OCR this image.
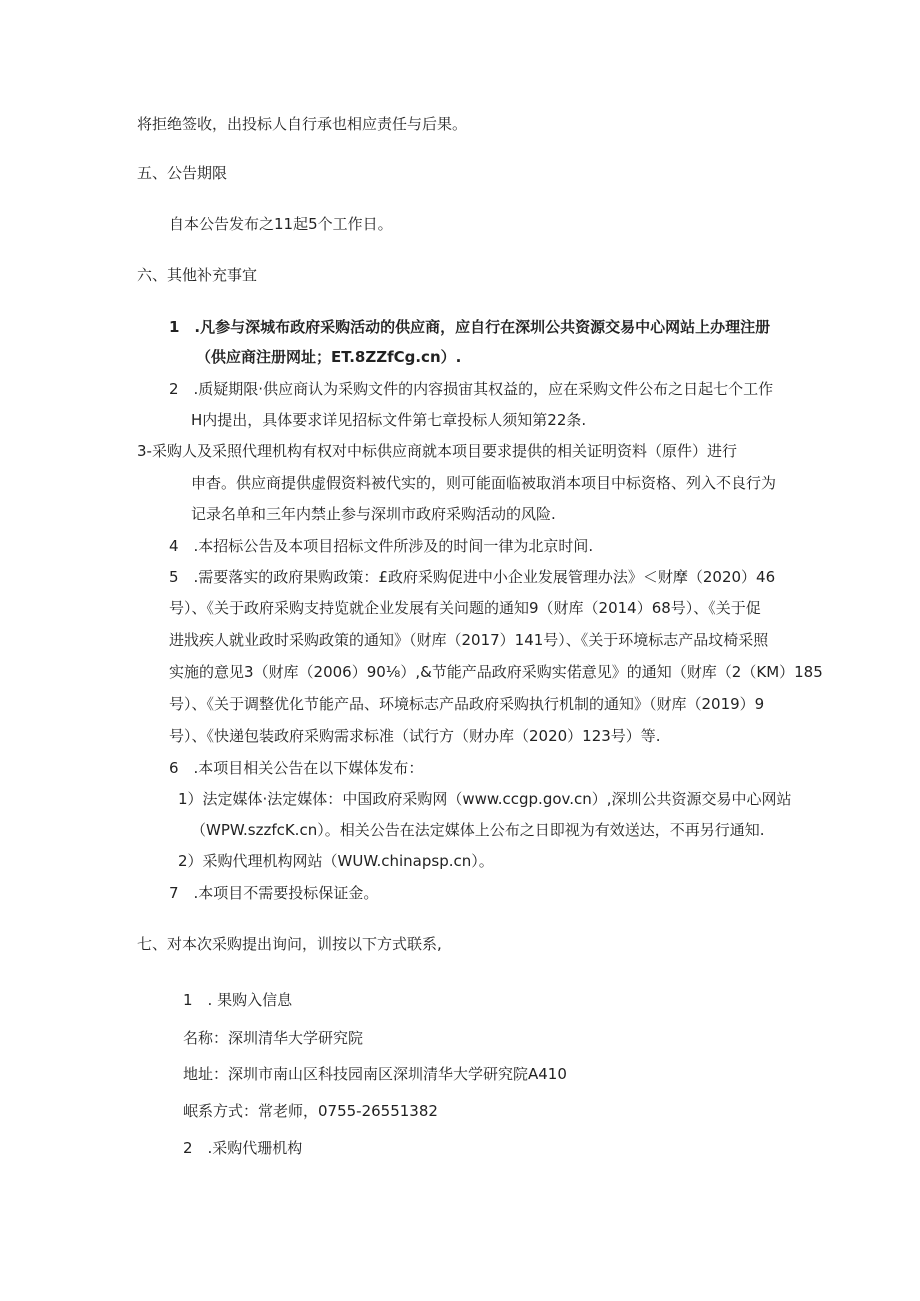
将拒绝签收，出投标人自行承也相应责任与后果。
五、公告期限
自本公告发布之11起5个工作日。
六、其他补充事宜
1　.凡参与深城布政府采购活动的供应商，应自行在深圳公共资源交易中心网站上办理注册
（供应商注册网址；ET.8ZZfCg.cn）.
2　.质疑期限·供应商认为采购文件的内容损宙其权益的，应在采购文件公布之日起七个工作
H内提出，具体要求详见招标文件第七章投标人须知第22条.
3-采购人及采照代理机构有权对中标供应商就本项目要求提供的相关证明资料（原件）进行
申杳。供应商提供虚假资料被代实的，则可能面临被取消本项目中标资格、列入不良行为
记录名单和三年内禁止参与深圳市政府采购活动的风险.
4　.本招标公告及本项目招标文件所涉及的时间一律为北京时间.
5　.需要落实的政府果购政策：£政府采购促进中小企业发展管理办法》＜财摩（2020）46
号）、《关于政府采购支持览就企业发展有关问题的通知9（财库（2014）68号）、《关于促
进戕疾人就业政时采购政策的通知》（财库（2017）141号）、《关于环境标志产品坟椅采照
实施的意见3（财库（2006）90⅛）,&节能产品政府采购实偌意见》的通知（财库（2（KM）185
号）、《关于调整优化节能产品、环境标志产品政府采购执行机制的通知》（财库（2019）9
号）、《快递包装政府采购需求标准（试行方（财办库（2020）123号）等.
6　.本项目相关公告在以下媒体发布：
1）法定媒体·法定媒体：中国政府采购网（www.ccgp.gov.cn）,深圳公共资源交易中心网站
（WPW.szzfcK.cn）。相关公告在法定媒体上公布之日即视为有效送达，不再另行通知.
2）采购代理机构网站（WUW.chinapsp.cn）。
7　.本项目不需要投标保证金。
七、对本次采购提出询问，训按以下方式联系,
1　. 果购入信息
名称：深圳清华大学研究院
地址：深圳市南山区科技园南区深圳清华大学研究院A410
岷系方式：常老师，0755-26551382
2　.采购代珊机构
